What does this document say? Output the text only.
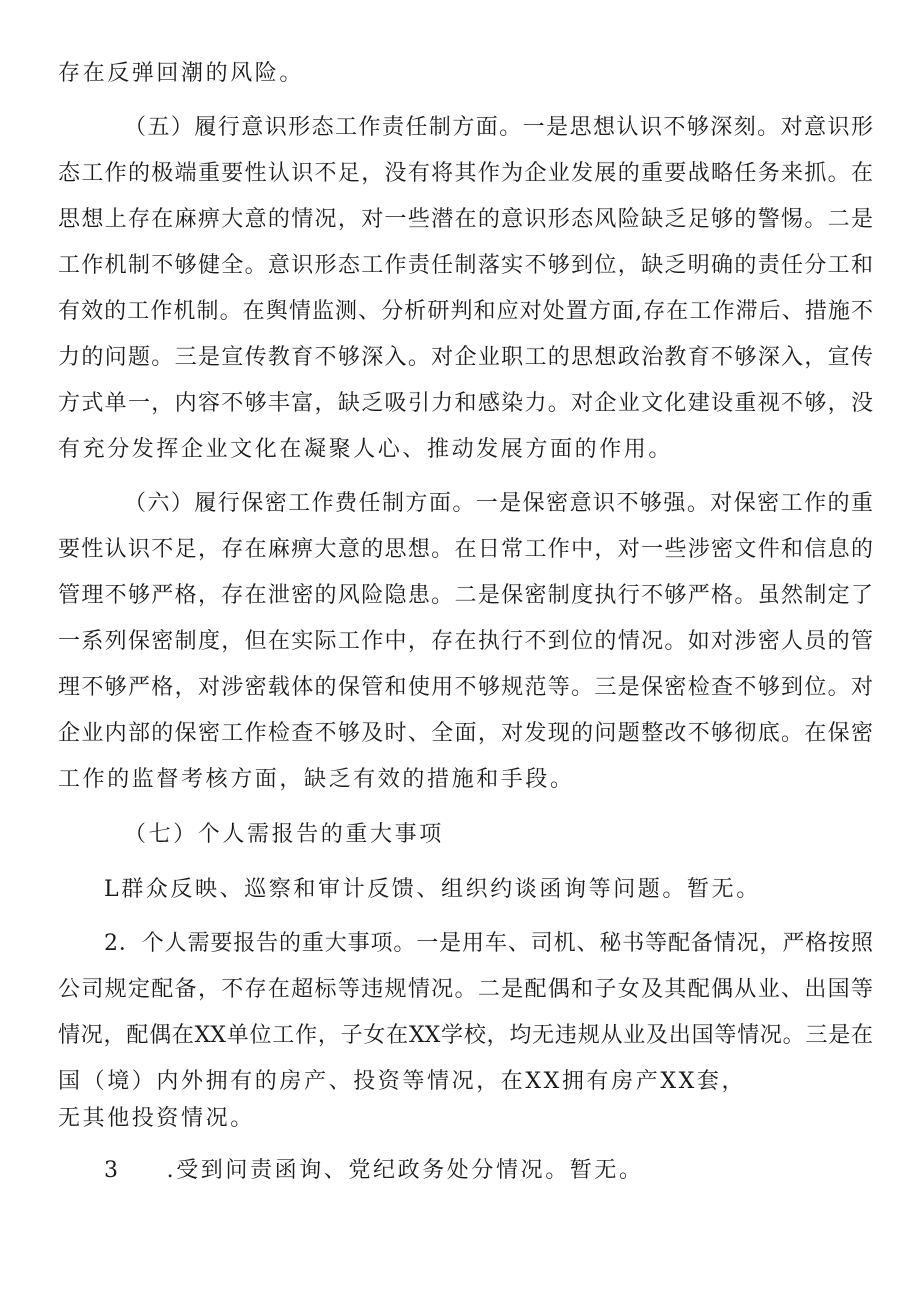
存在反弹回潮的风险。
（五）履行意识形态工作责任制方面。一是思想认识不够深刻。对意识形
态工作的极端重要性认识不足，没有将其作为企业发展的重要战略任务来抓。在
思想上存在麻痹大意的情况，对一些潜在的意识形态风险缺乏足够的警惕。二是
工作机制不够健全。意识形态工作责任制落实不够到位，缺乏明确的责任分工和
有效的工作机制。在舆情监测、分析研判和应对处置方面,存在工作滞后、措施不
力的问题。三是宣传教育不够深入。对企业职工的思想政治教育不够深入，宣传
方式单一，内容不够丰富，缺乏吸引力和感染力。对企业文化建设重视不够，没
有充分发挥企业文化在凝聚人心、推动发展方面的作用。
（六）履行保密工作费任制方面。一是保密意识不够强。对保密工作的重
要性认识不足，存在麻痹大意的思想。在日常工作中，对一些涉密文件和信息的
管理不够严格，存在泄密的风险隐患。二是保密制度执行不够严格。虽然制定了
一系列保密制度，但在实际工作中，存在执行不到位的情况。如对涉密人员的管
理不够严格，对涉密载体的保管和使用不够规范等。三是保密检查不够到位。对
企业内部的保密工作检查不够及时、全面，对发现的问题整改不够彻底。在保密
工作的监督考核方面，缺乏有效的措施和手段。
（七）个人需报告的重大事项
L群众反映、巡察和审计反馈、组织约谈函询等问题。暂无。
2．个人需要报告的重大事项。一是用车、司机、秘书等配备情况，严格按照
公司规定配备，不存在超标等违规情况。二是配偶和子女及其配偶从业、出国等
情况，配偶在XX单位工作，子女在XX学校，均无违规从业及出国等情况。三是在
国（境）内外拥有的房产、投资等情况，在XX拥有房产XX套，
无其他投资情况。
3 .受到问责函询、党纪政务处分情况。暂无。
